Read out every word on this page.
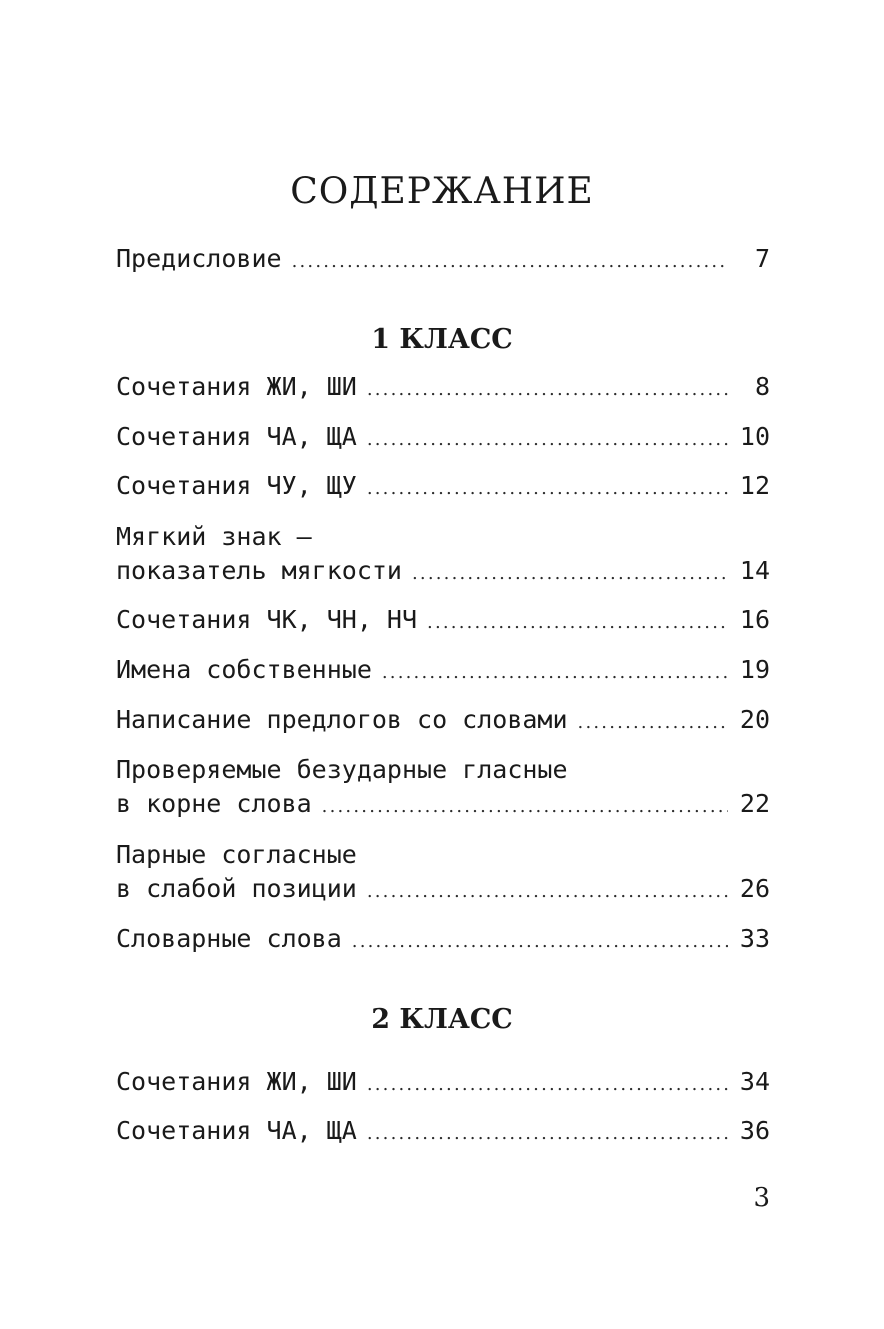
СОДЕРЖАНИЕ
Предисловие .....	7
1 КЛАСС
Сочетания ЖИ, ШИ .....	8
Сочетания ЧА, ЩА .....	10
Сочетания ЧУ, ЩУ .....	12
Мягкий знак —
показатель мягкости .....	14
Сочетания ЧК, ЧН, НЧ .....	16
Имена собственные .....	19
Написание предлогов со словами .....	20
Проверяемые безударные гласные
в корне слова .....	22
Парные согласные
в слабой позиции .....	26
Словарные слова .....	33
2 КЛАСС
Сочетания ЖИ, ШИ .....	34
Сочетания ЧА, ЩА .....	36
3
